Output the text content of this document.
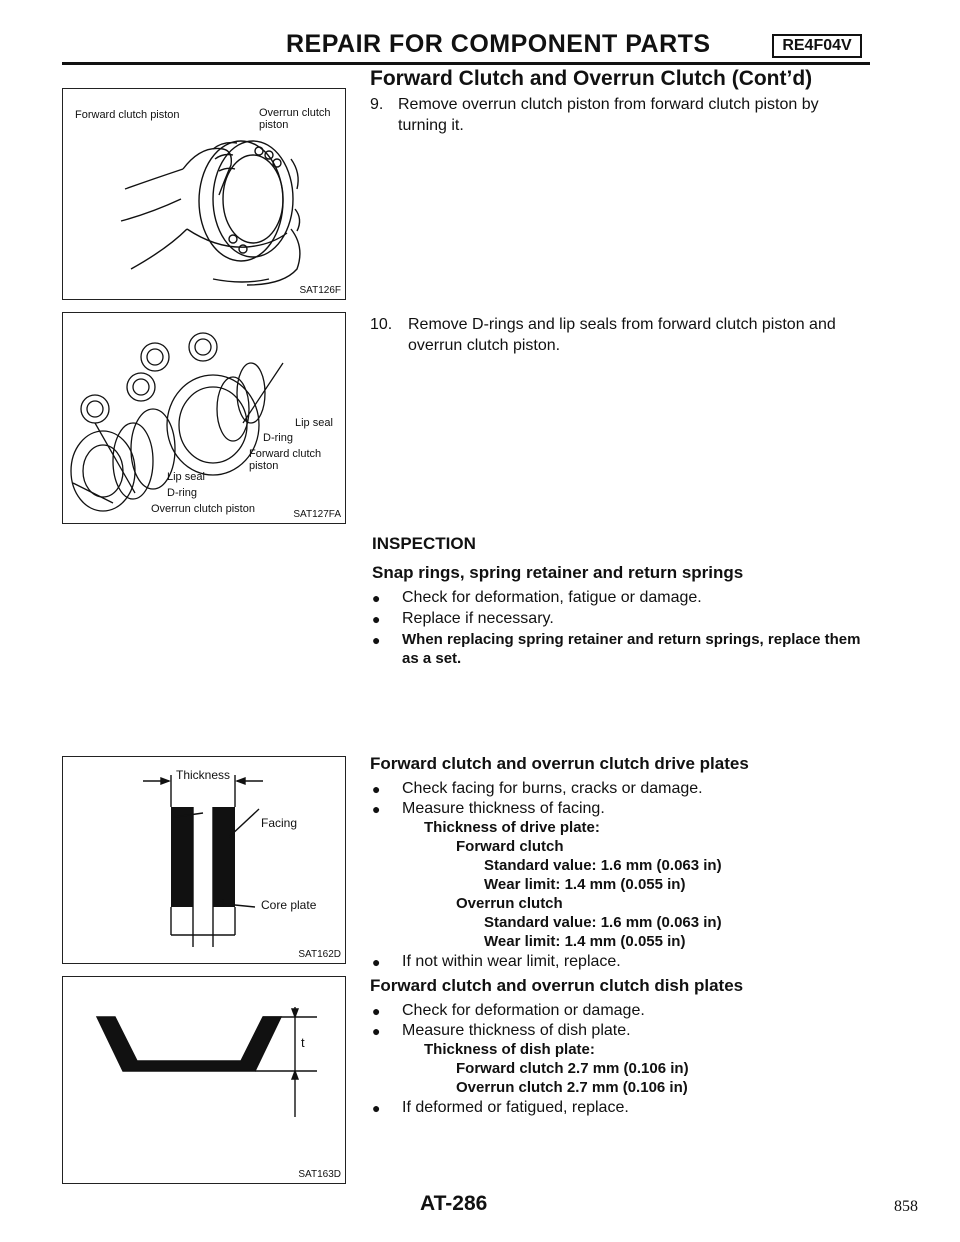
REPAIR FOR COMPONENT PARTS	RE4F04V
Forward Clutch and Overrun Clutch (Cont’d)
Forward clutch piston	Overrun clutch piston
SAT126F
Lip seal
D-ring
Forward clutch piston
Lip seal
D-ring
Overrun clutch piston	SAT127FA
Thickness
Facing
Core plate
SAT162D
t
SAT163D
9. Remove overrun clutch piston from forward clutch piston by turning it.
10. Remove D-rings and lip seals from forward clutch piston and overrun clutch piston.
INSPECTION
Snap rings, spring retainer and return springs
● Check for deformation, fatigue or damage.
● Replace if necessary.
● When replacing spring retainer and return springs, replace them as a set.
Forward clutch and overrun clutch drive plates
● Check facing for burns, cracks or damage.
● Measure thickness of facing.
Thickness of drive plate:
Forward clutch
Standard value: 1.6 mm (0.063 in)
Wear limit: 1.4 mm (0.055 in)
Overrun clutch
Standard value: 1.6 mm (0.063 in)
Wear limit: 1.4 mm (0.055 in)
● If not within wear limit, replace.
Forward clutch and overrun clutch dish plates
● Check for deformation or damage.
● Measure thickness of dish plate.
Thickness of dish plate:
Forward clutch 2.7 mm (0.106 in)
Overrun clutch 2.7 mm (0.106 in)
● If deformed or fatigued, replace.
AT-286	858
